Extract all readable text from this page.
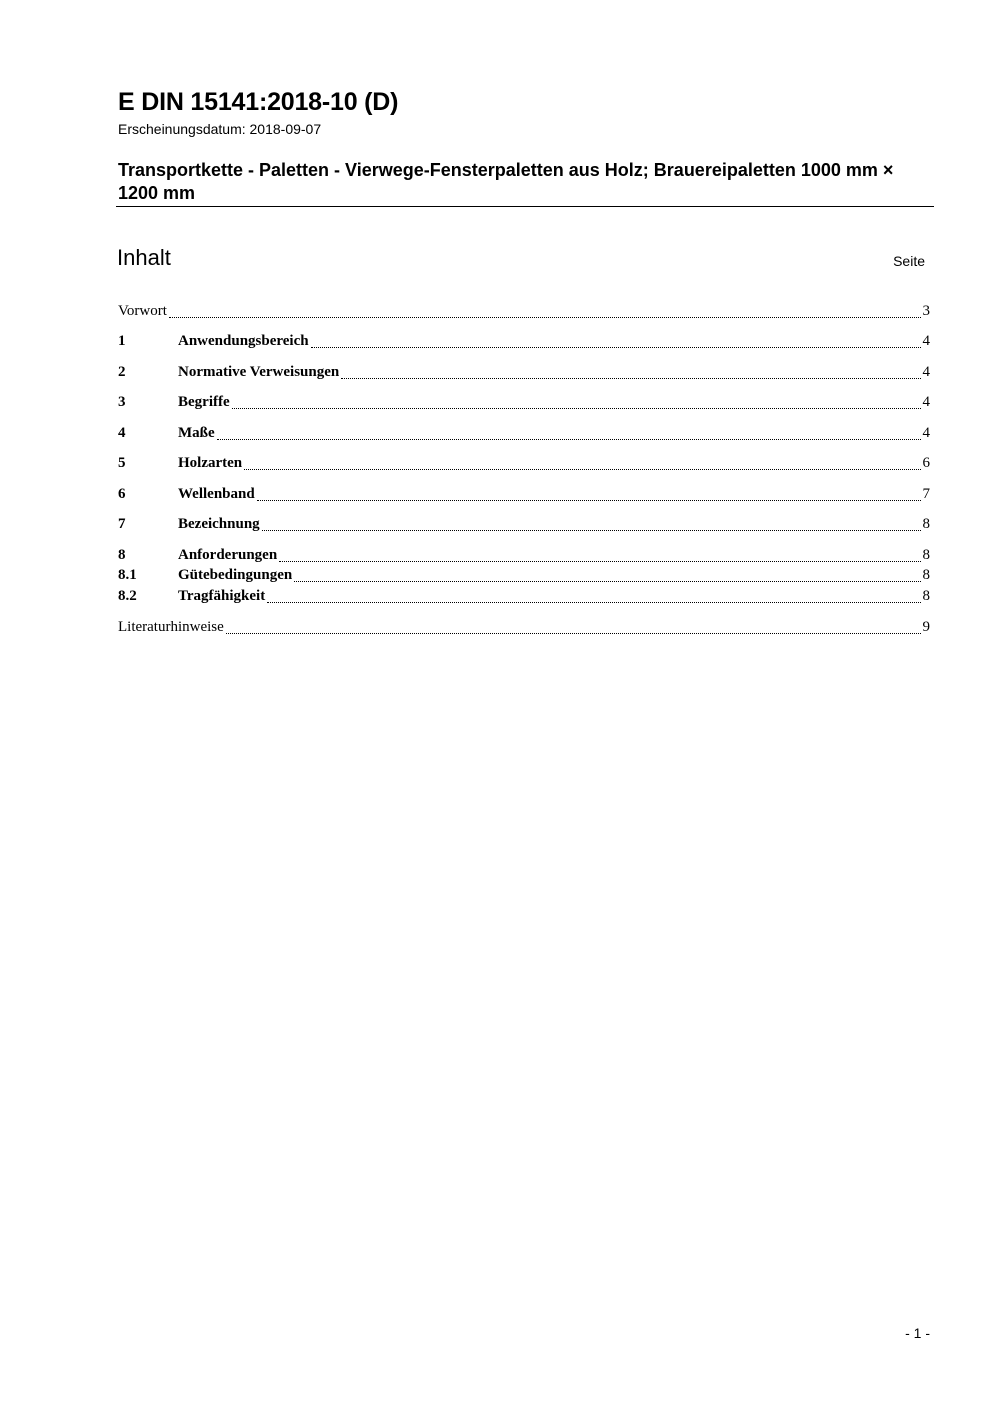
E DIN 15141:2018-10 (D)
Erscheinungsdatum: 2018-09-07
Transportkette - Paletten - Vierwege-Fensterpaletten aus Holz; Brauereipaletten 1000 mm × 1200 mm
Inhalt	Seite
Vorwort	3
1	Anwendungsbereich	4
2	Normative Verweisungen	4
3	Begriffe	4
4	Maße	4
5	Holzarten	6
6	Wellenband	7
7	Bezeichnung	8
8	Anforderungen	8
8.1	Gütebedingungen	8
8.2	Tragfähigkeit	8
Literaturhinweise	9
- 1 -
